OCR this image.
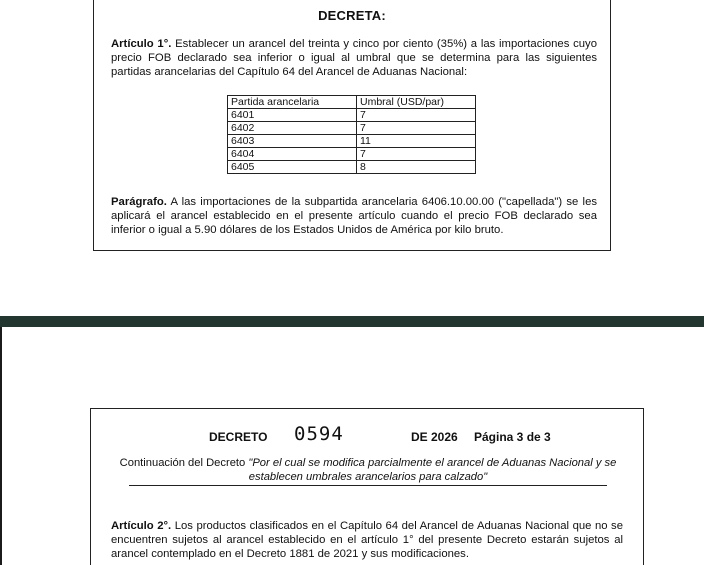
DECRETA:
Artículo 1°. Establecer un arancel del treinta y cinco por ciento (35%) a las importaciones cuyo precio FOB declarado sea inferior o igual al umbral que se determina para las siguientes partidas arancelarias del Capítulo 64 del Arancel de Aduanas Nacional:
Partida arancelaria	Umbral (USD/par)
6401	7
6402	7
6403	11
6404	7
6405	8
Parágrafo. A las importaciones de la subpartida arancelaria 6406.10.00.00 ("capellada") se les aplicará el arancel establecido en el presente artículo cuando el precio FOB declarado sea inferior o igual a 5.90 dólares de los Estados Unidos de América por kilo bruto.
DECRETO 0594	DE 2026 Página 3 de 3
Continuación del Decreto "Por el cual se modifica parcialmente el arancel de Aduanas Nacional y se establecen umbrales arancelarios para calzado"
Artículo 2°. Los productos clasificados en el Capítulo 64 del Arancel de Aduanas Nacional que no se encuentren sujetos al arancel establecido en el artículo 1° del presente Decreto estarán sujetos al arancel contemplado en el Decreto 1881 de 2021 y sus modificaciones.
